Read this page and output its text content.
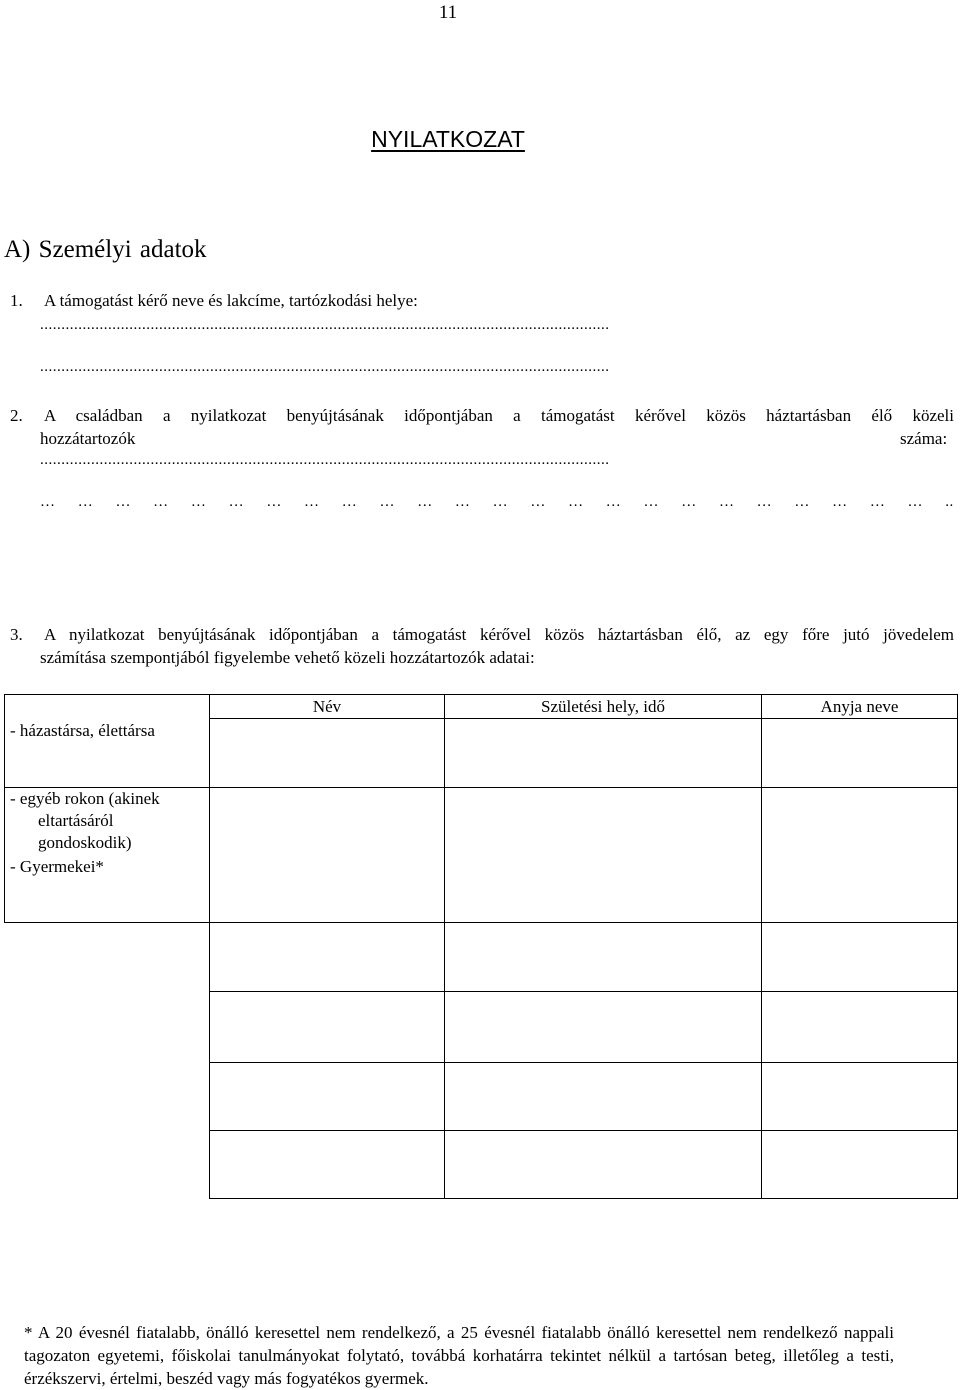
11
NYILATKOZAT
A) Személyi adatok
1. A támogatást kérő neve és lakcíme, tartózkodási helye:
......................................................................................................................................
......................................................................................................................................
2. A családban a nyilatkozat benyújtásának időpontjában a támogatást kérővel közös háztartásban élő közeli
hozzátartozók	száma:
......................................................................................................................................
… … … … … … … … … … … … … … … … … … … … … … … … ..
3. A nyilatkozat benyújtásának időpontjában a támogatást kérővel közös háztartásban élő, az egy főre jutó jövedelem
számítása szempontjából figyelembe vehető közeli hozzátartozók adatai:
Név	Születési hely, idő	Anyja neve
- házastársa, élettársa
- egyéb rokon (akinek
eltartásáról
gondoskodik)
- Gyermekei*
* A 20 évesnél fiatalabb, önálló keresettel nem rendelkező, a 25 évesnél fiatalabb önálló keresettel nem rendelkező nappali tagozaton egyetemi, főiskolai tanulmányokat folytató, továbbá korhatárra tekintet nélkül a tartósan beteg, illetőleg a testi, érzékszervi, értelmi, beszéd vagy más fogyatékos gyermek.
